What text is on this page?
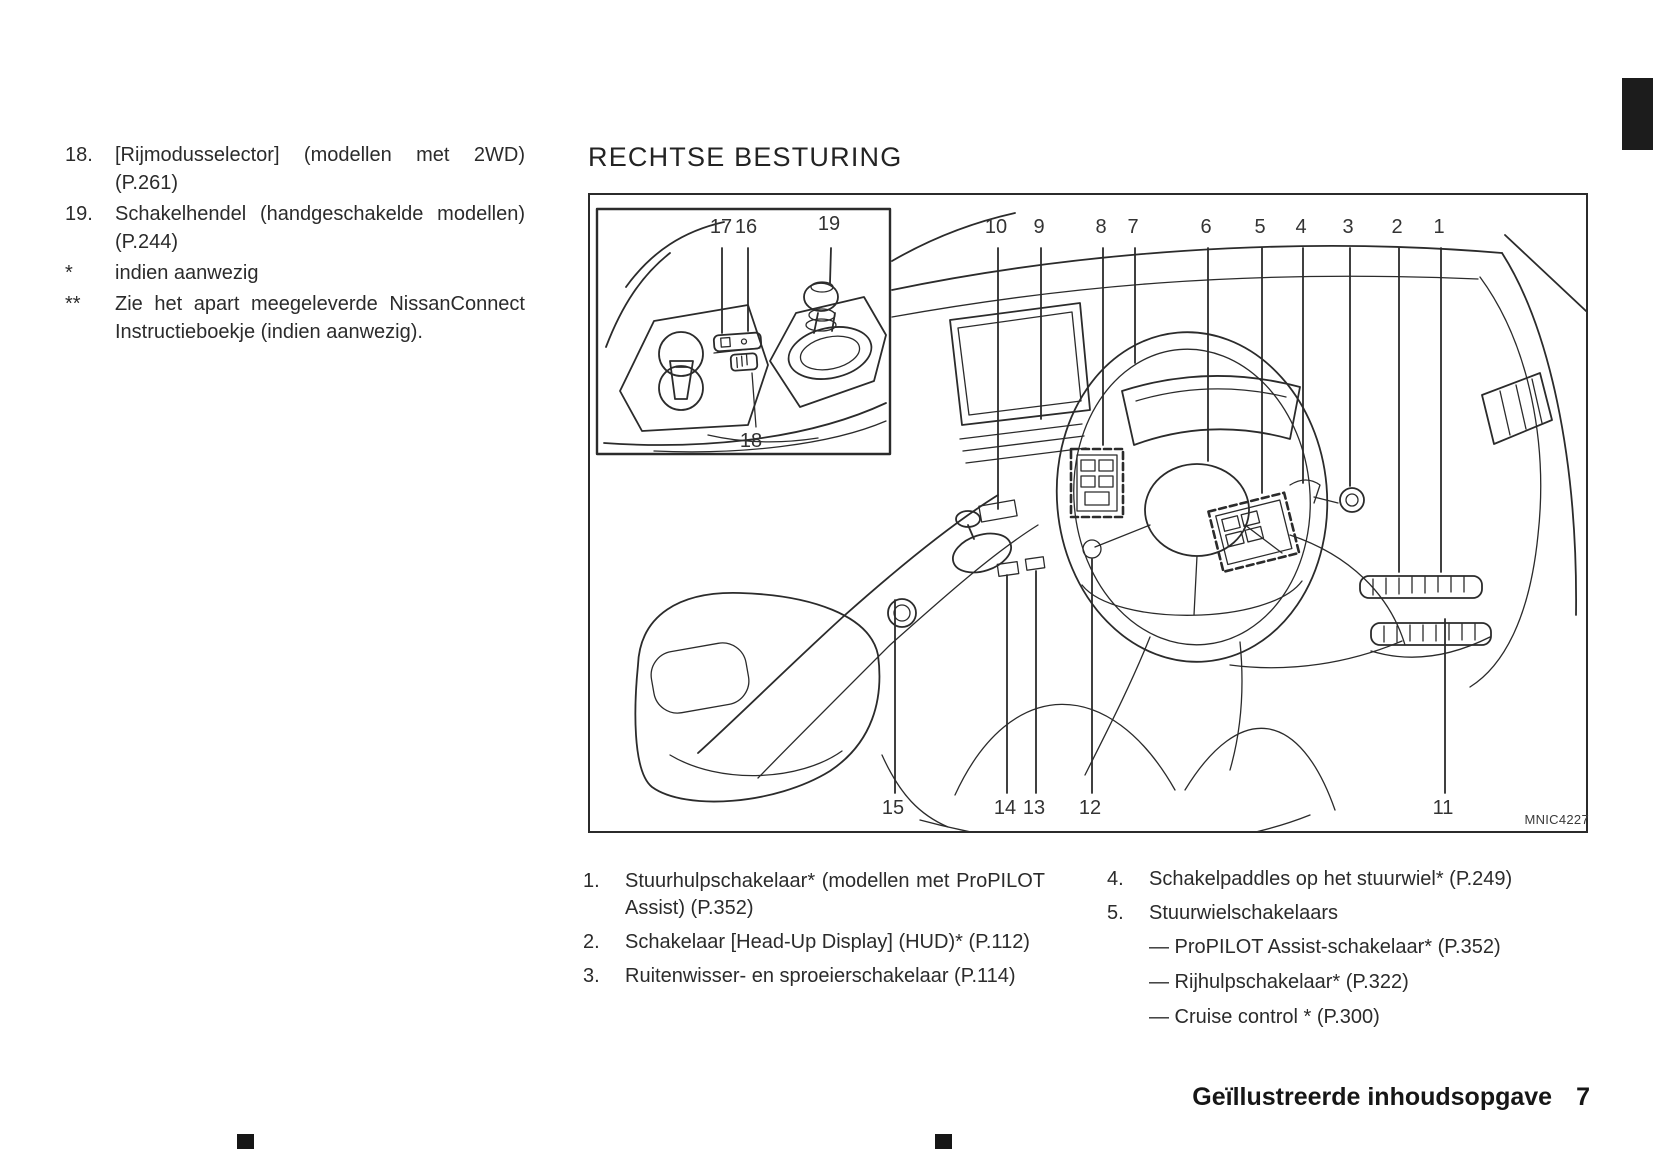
18. [Rijmodusselector] (modellen met 2WD) (P.261)
19. Schakelhendel (handgeschakelde modellen) (P.244)
* indien aanwezig
** Zie het apart meegeleverde NissanConnect Instructieboekje (indien aanwezig).
RECHTSE BESTURING
17 16	19	10	9	8	7	6	5	4	3	2	1
18
15	14 13 12	11
MNIC4227
1. Stuurhulpschakelaar* (modellen met ProPILOT Assist) (P.352)
2. Schakelaar [Head-Up Display] (HUD)* (P.112)
3. Ruitenwisser- en sproeierschakelaar (P.114)
4. Schakelpaddles op het stuurwiel* (P.249)
5. Stuurwielschakelaars
— ProPILOT Assist-schakelaar* (P.352)
— Rijhulpschakelaar* (P.322)
— Cruise control * (P.300)
Geïllustreerde inhoudsopgave 7
